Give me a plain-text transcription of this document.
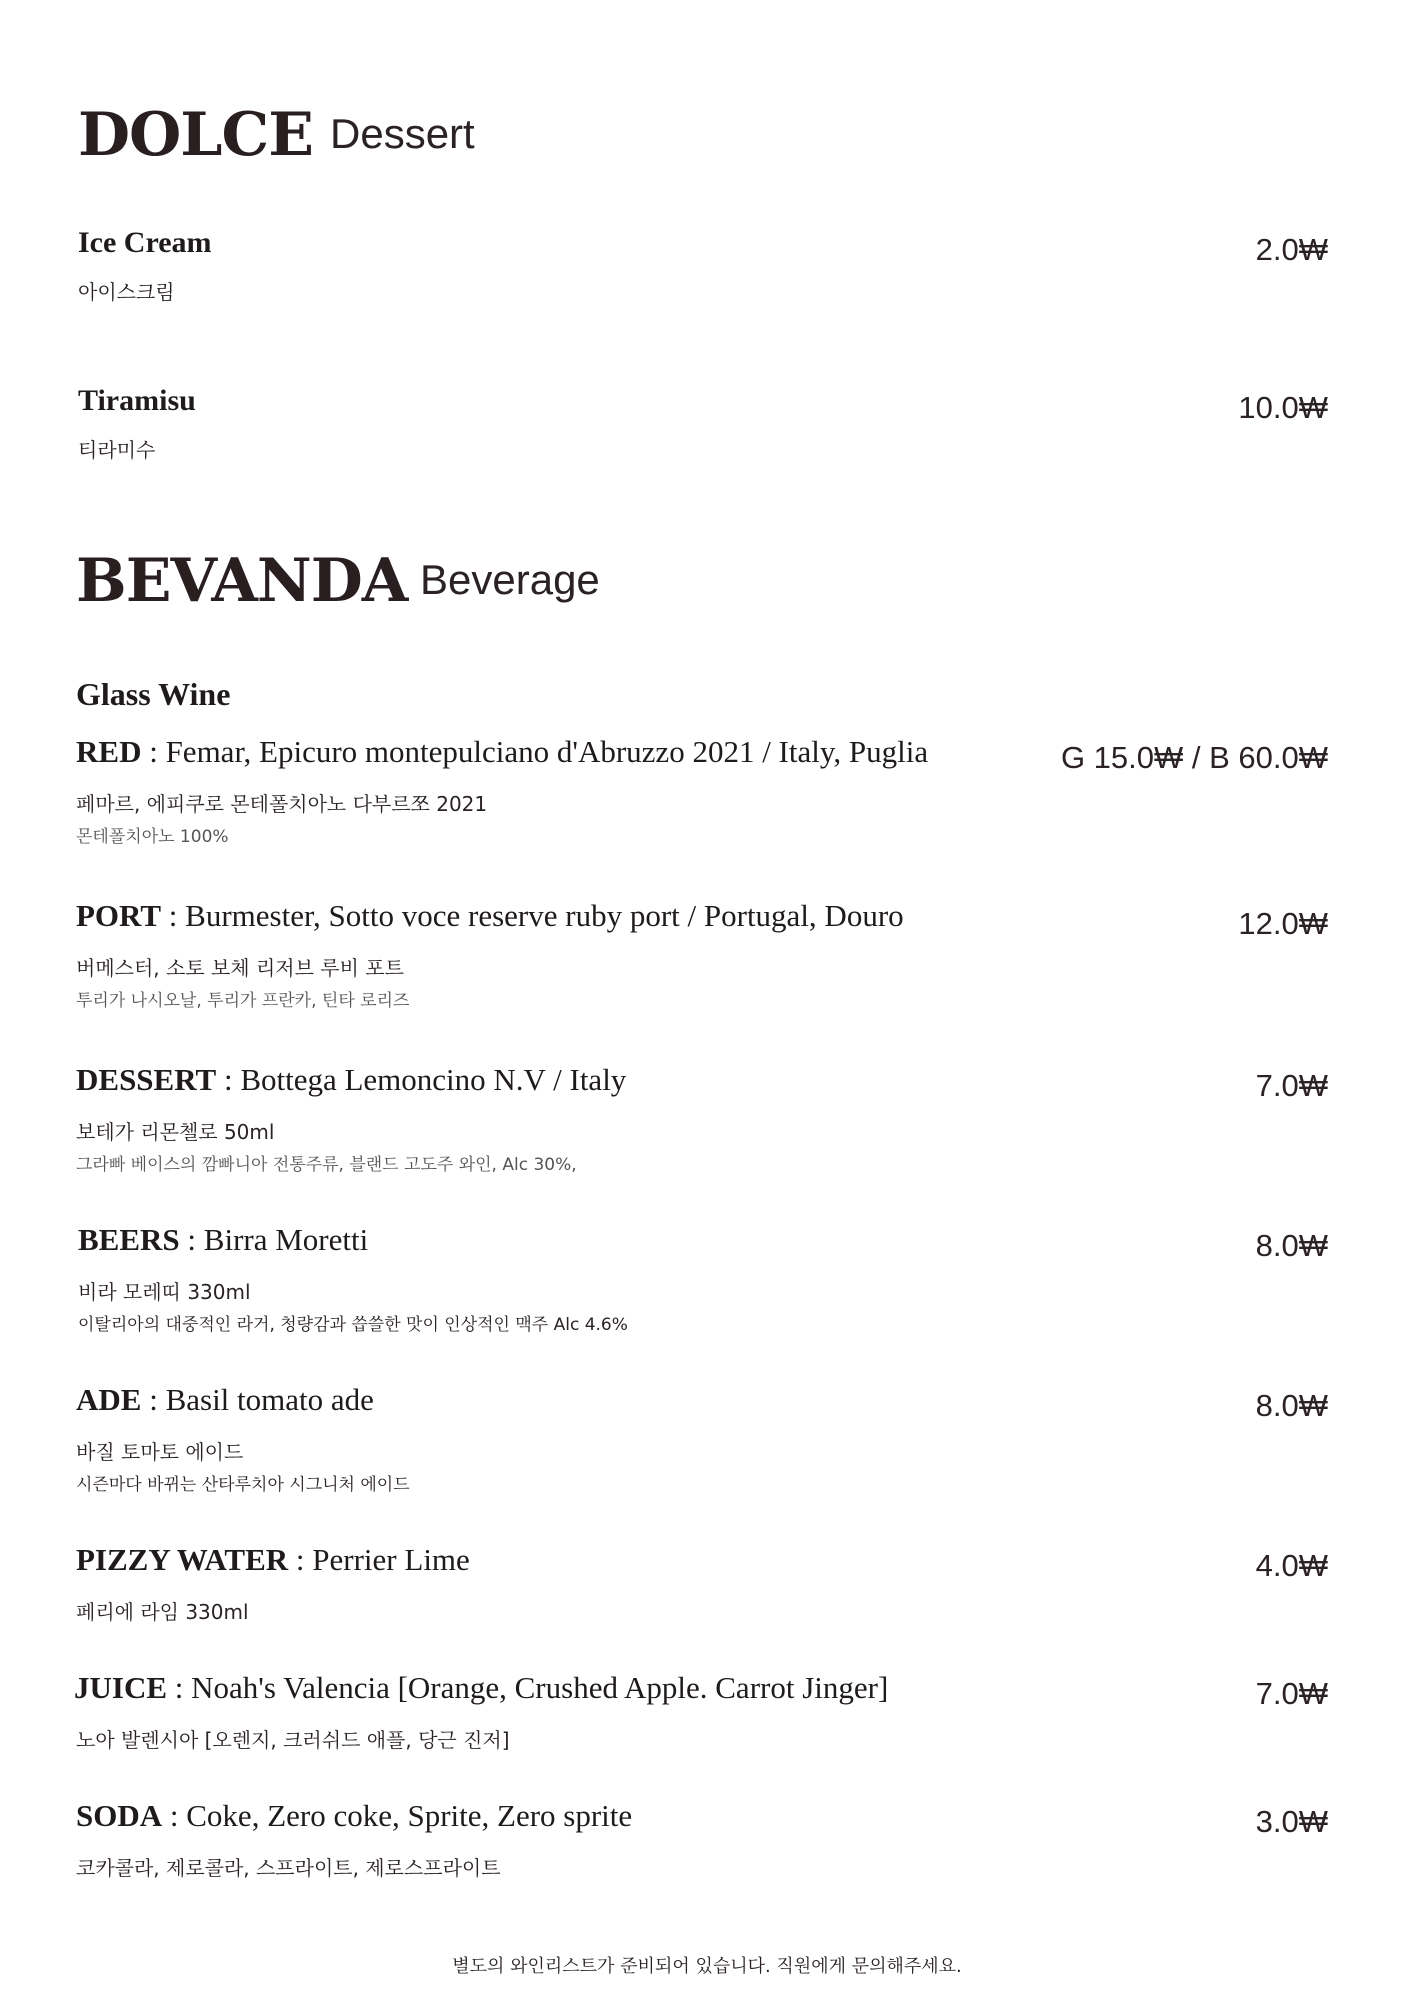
DOLCE Dessert
Ice Cream
아이스크림
2.0₩
Tiramisu
티라미수
10.0₩
BEVANDA Beverage
Glass Wine
RED : Femar, Epicuro montepulciano d'Abruzzo 2021 / Italy, Puglia
페마르, 에피쿠로 몬테폴치아노 다부르쪼 2021
몬테폴치아노 100%
G 15.0₩ / B 60.0₩
PORT : Burmester, Sotto voce reserve ruby port / Portugal, Douro
버메스터, 소토 보체 리저브 루비 포트
투리가 나시오날, 투리가 프란카, 틴타 로리즈
12.0₩
DESSERT : Bottega Lemoncino N.V / Italy
보테가 리몬첼로 50ml
그라빠 베이스의 깜빠니아 전통주류, 블랜드 고도주 와인, Alc 30%,
7.0₩
BEERS : Birra Moretti
비라 모레띠 330ml
이탈리아의 대중적인 라거, 청량감과 씁쓸한 맛이 인상적인 맥주 Alc 4.6%
8.0₩
ADE : Basil tomato ade
바질 토마토 에이드
시즌마다 바뀌는 산타루치아 시그니처 에이드
8.0₩
PIZZY WATER : Perrier Lime
페리에 라임 330ml
4.0₩
JUICE : Noah's Valencia [Orange, Crushed Apple. Carrot Jinger]
노아 발렌시아 [오렌지, 크러쉬드 애플, 당근 진저]
7.0₩
SODA : Coke, Zero coke, Sprite, Zero sprite
코카콜라, 제로콜라, 스프라이트, 제로스프라이트
3.0₩
별도의 와인리스트가 준비되어 있습니다. 직원에게 문의해주세요.
